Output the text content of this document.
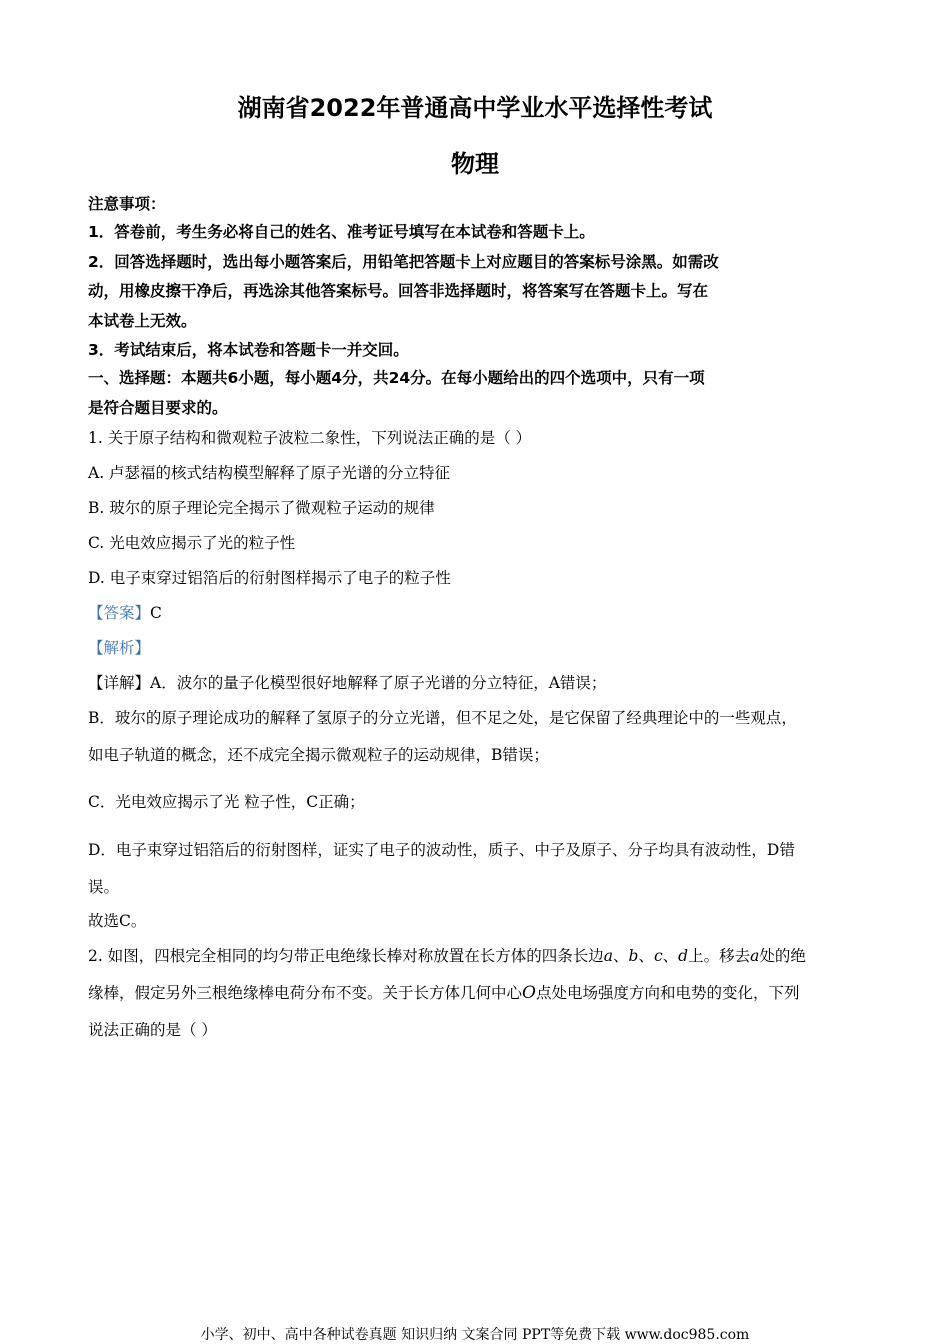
湖南省2022年普通高中学业水平选择性考试
物理
注意事项：
1．答卷前，考生务必将自己的姓名、准考证号填写在本试卷和答题卡上。
2．回答选择题时，选出每小题答案后，用铅笔把答题卡上对应题目的答案标号涂黑。如需改
动，用橡皮擦干净后，再选涂其他答案标号。回答非选择题时，将答案写在答题卡上。写在
本试卷上无效。
3．考试结束后，将本试卷和答题卡一并交回。
一、选择题：本题共6小题，每小题4分，共24分。在每小题给出的四个选项中，只有一项
是符合题目要求的。
1. 关于原子结构和微观粒子波粒二象性，下列说法正确的是（ ）
A. 卢瑟福的核式结构模型解释了原子光谱的分立特征
B. 玻尔的原子理论完全揭示了微观粒子运动的规律
C. 光电效应揭示了光的粒子性
D. 电子束穿过铝箔后的衍射图样揭示了电子的粒子性
【答案】C
【解析】
【详解】A．波尔的量子化模型很好地解释了原子光谱的分立特征，A错误；
B．玻尔的原子理论成功的解释了氢原子的分立光谱，但不足之处，是它保留了经典理论中的一些观点，
如电子轨道的概念，还不成完全揭示微观粒子的运动规律，B错误；
C．光电效应揭示了光 粒子性，C正确；
D．电子束穿过铝箔后的衍射图样，证实了电子的波动性，质子、中子及原子、分子均具有波动性，D错
误。
故选C。
2. 如图，四根完全相同的均匀带正电绝缘长棒对称放置在长方体的四条长边a、b、c、d上。移去a处的绝
缘棒，假定另外三根绝缘棒电荷分布不变。关于长方体几何中心O点处电场强度方向和电势的变化，下列
说法正确的是（ ）
小学、初中、高中各种试卷真题 知识归纳 文案合同 PPT等免费下载 www.doc985.com
